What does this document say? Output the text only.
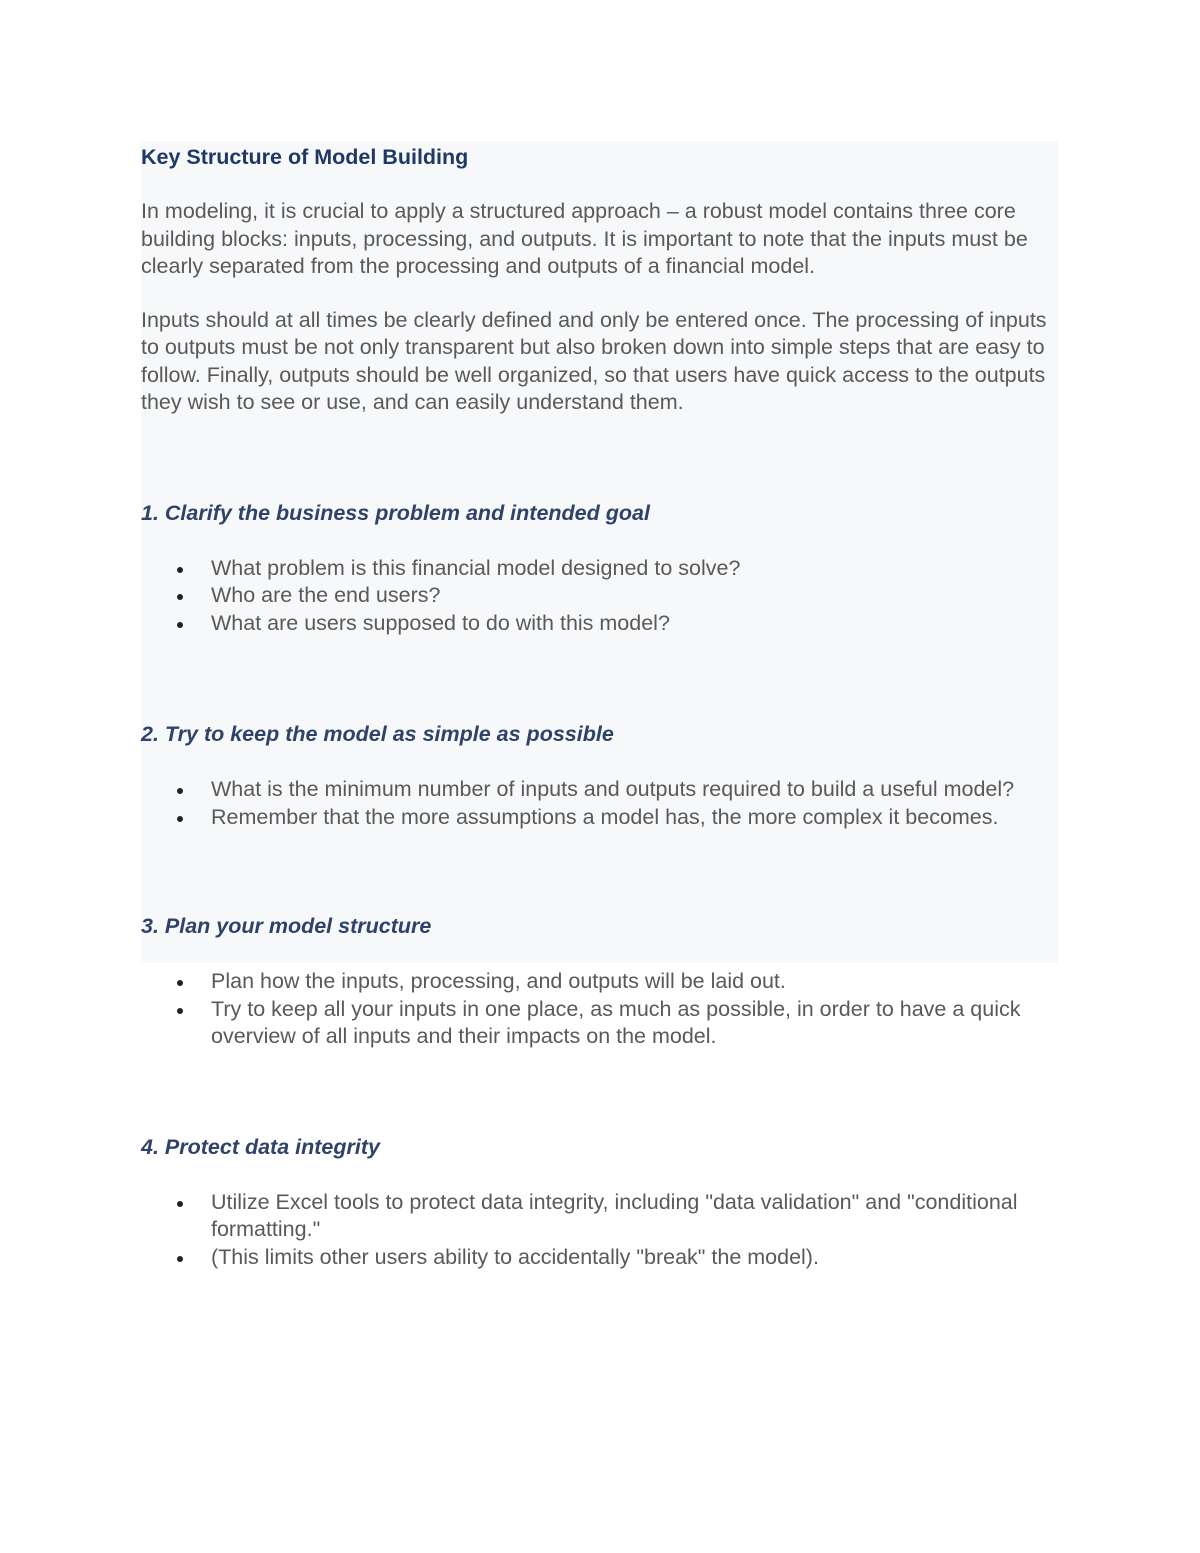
Key Structure of Model Building

In modeling, it is crucial to apply a structured approach – a robust model contains three core building blocks: inputs, processing, and outputs. It is important to note that the inputs must be clearly separated from the processing and outputs of a financial model.

Inputs should at all times be clearly defined and only be entered once. The processing of inputs to outputs must be not only transparent but also broken down into simple steps that are easy to follow. Finally, outputs should be well organized, so that users have quick access to the outputs they wish to see or use, and can easily understand them.

1. Clarify the business problem and intended goal
What problem is this financial model designed to solve?
Who are the end users?
What are users supposed to do with this model?
2. Try to keep the model as simple as possible
What is the minimum number of inputs and outputs required to build a useful model?
Remember that the more assumptions a model has, the more complex it becomes.
3. Plan your model structure
Plan how the inputs, processing, and outputs will be laid out.
Try to keep all your inputs in one place, as much as possible, in order to have a quick overview of all inputs and their impacts on the model.
4. Protect data integrity
Utilize Excel tools to protect data integrity, including "data validation" and "conditional formatting."
(This limits other users ability to accidentally "break" the model).
